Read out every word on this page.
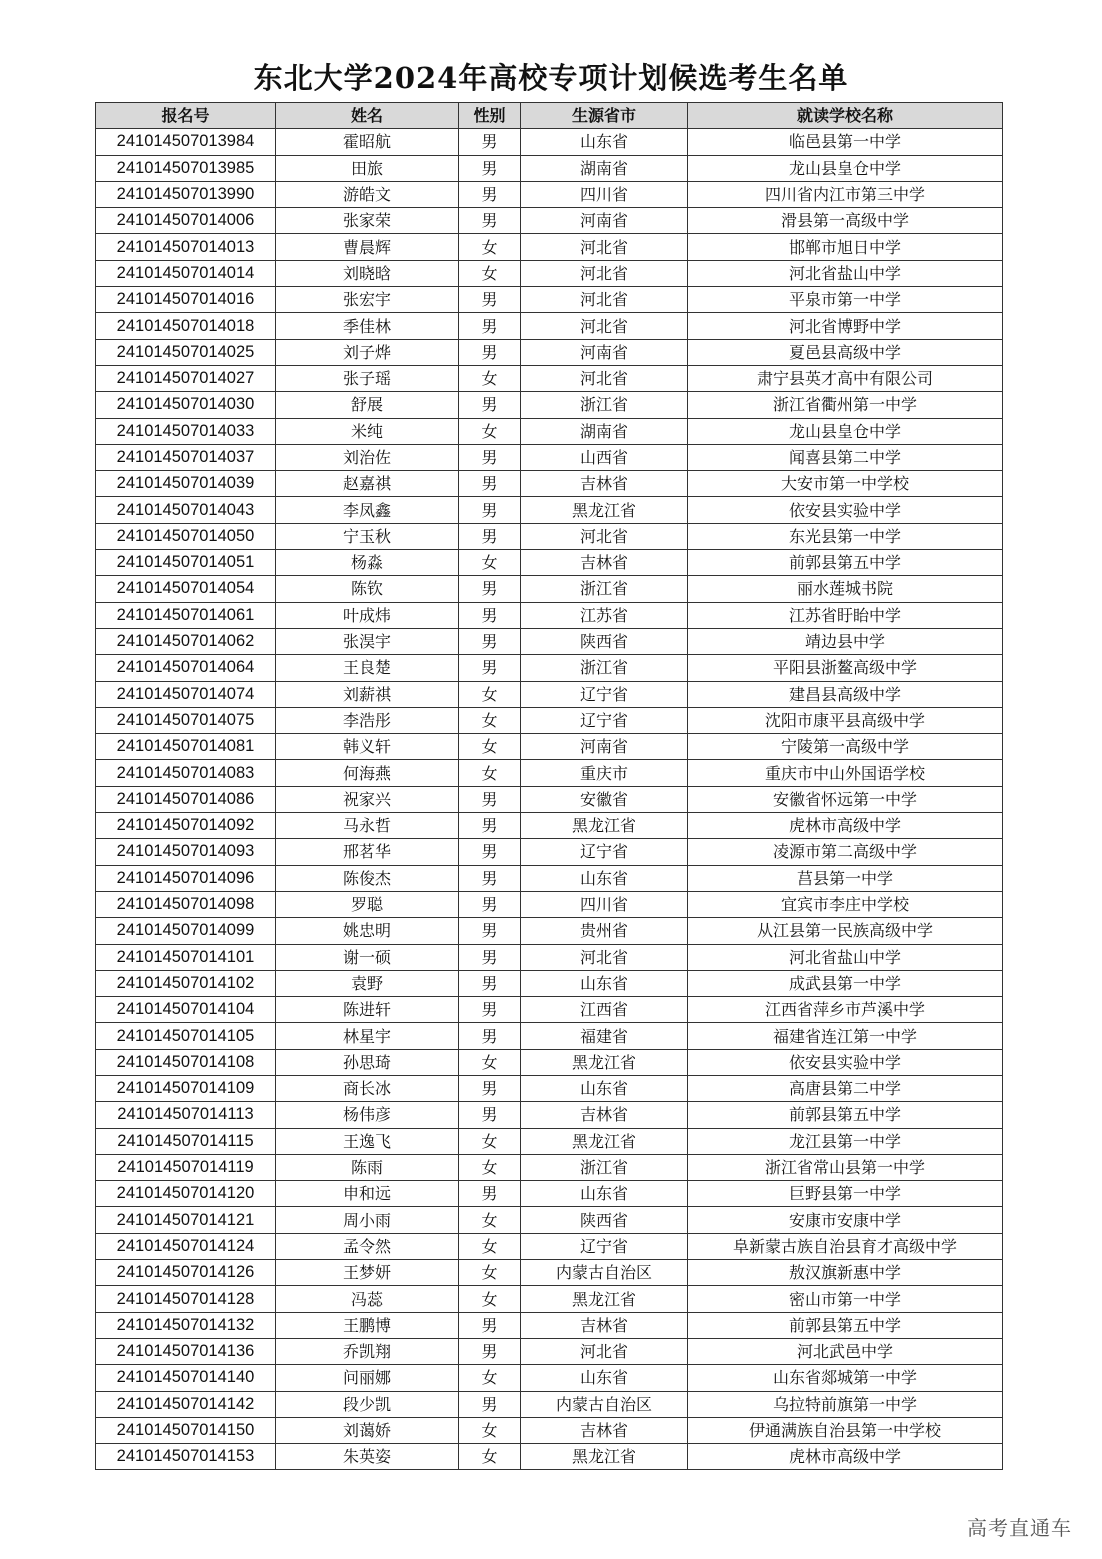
东北大学2024年高校专项计划候选考生名单
报名号	姓名	性别	生源省市	就读学校名称
241014507013984	霍昭航	男	山东省	临邑县第一中学
241014507013985	田旅	男	湖南省	龙山县皇仓中学
241014507013990	游皓文	男	四川省	四川省内江市第三中学
241014507014006	张家荣	男	河南省	滑县第一高级中学
241014507014013	曹晨辉	女	河北省	邯郸市旭日中学
241014507014014	刘晓晗	女	河北省	河北省盐山中学
241014507014016	张宏宇	男	河北省	平泉市第一中学
241014507014018	季佳林	男	河北省	河北省博野中学
241014507014025	刘子烨	男	河南省	夏邑县高级中学
241014507014027	张子瑶	女	河北省	肃宁县英才高中有限公司
241014507014030	舒展	男	浙江省	浙江省衢州第一中学
241014507014033	米纯	女	湖南省	龙山县皇仓中学
241014507014037	刘治佐	男	山西省	闻喜县第二中学
241014507014039	赵嘉祺	男	吉林省	大安市第一中学校
241014507014043	李凤鑫	男	黑龙江省	依安县实验中学
241014507014050	宁玉秋	男	河北省	东光县第一中学
241014507014051	杨淼	女	吉林省	前郭县第五中学
241014507014054	陈钦	男	浙江省	丽水莲城书院
241014507014061	叶成炜	男	江苏省	江苏省盱眙中学
241014507014062	张淏宇	男	陕西省	靖边县中学
241014507014064	王良楚	男	浙江省	平阳县浙鳌高级中学
241014507014074	刘薪祺	女	辽宁省	建昌县高级中学
241014507014075	李浩彤	女	辽宁省	沈阳市康平县高级中学
241014507014081	韩义轩	女	河南省	宁陵第一高级中学
241014507014083	何海燕	女	重庆市	重庆市中山外国语学校
241014507014086	祝家兴	男	安徽省	安徽省怀远第一中学
241014507014092	马永哲	男	黑龙江省	虎林市高级中学
241014507014093	邢茗华	男	辽宁省	凌源市第二高级中学
241014507014096	陈俊杰	男	山东省	莒县第一中学
241014507014098	罗聪	男	四川省	宜宾市李庄中学校
241014507014099	姚忠明	男	贵州省	从江县第一民族高级中学
241014507014101	谢一硕	男	河北省	河北省盐山中学
241014507014102	袁野	男	山东省	成武县第一中学
241014507014104	陈进轩	男	江西省	江西省萍乡市芦溪中学
241014507014105	林星宇	男	福建省	福建省连江第一中学
241014507014108	孙思琦	女	黑龙江省	依安县实验中学
241014507014109	商长冰	男	山东省	高唐县第二中学
241014507014113	杨伟彦	男	吉林省	前郭县第五中学
241014507014115	王逸飞	女	黑龙江省	龙江县第一中学
241014507014119	陈雨	女	浙江省	浙江省常山县第一中学
241014507014120	申和远	男	山东省	巨野县第一中学
241014507014121	周小雨	女	陕西省	安康市安康中学
241014507014124	孟令然	女	辽宁省	阜新蒙古族自治县育才高级中学
241014507014126	王梦妍	女	内蒙古自治区	敖汉旗新惠中学
241014507014128	冯蕊	女	黑龙江省	密山市第一中学
241014507014132	王鹏博	男	吉林省	前郭县第五中学
241014507014136	乔凯翔	男	河北省	河北武邑中学
241014507014140	问丽娜	女	山东省	山东省郯城第一中学
241014507014142	段少凯	男	内蒙古自治区	乌拉特前旗第一中学
241014507014150	刘蔼娇	女	吉林省	伊通满族自治县第一中学校
241014507014153	朱英姿	女	黑龙江省	虎林市高级中学
高考直通车
